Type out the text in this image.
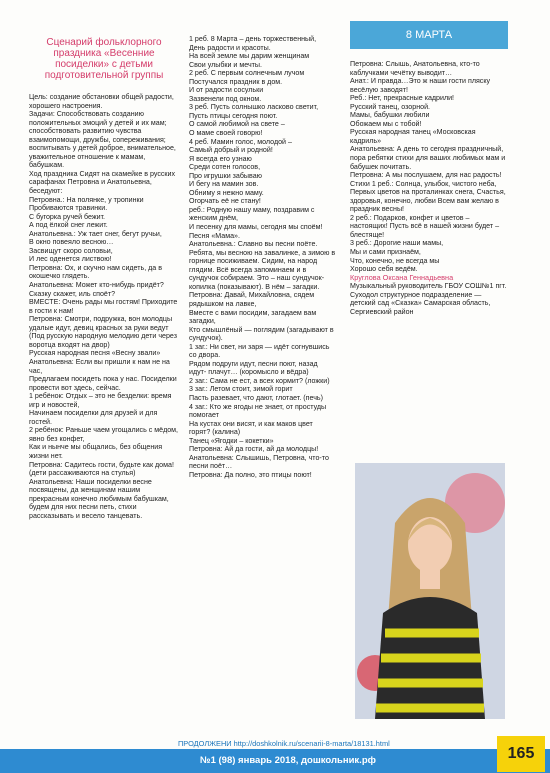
Сценарий фольклорного праздника «Весенние посиделки» с детьми подготовительной группы

Цель: создание обстановки общей радости, хорошего настроения.

Задачи: Способствовать созданию положительных эмоций у детей и их мам;

способствовать развитию чувства взаимопомощи, дружбы, сопереживания;

воспитывать у детей доброе, внимательное, уважительное отношение к мамам, бабушкам.

Ход праздника Сидят на скамейке в русских сарафанах Петровна и Анатольевна, беседуют:

Петровна.: На полянке, у тропинки

Пробиваются травинки.

С бугорка ручей бежит.

А под ёлкой снег лежит.

Анатольевна.: Уж тает снег, бегут ручьи,

В окно повеяло весною…

Засвищут скоро соловьи,

И лес оденется листвою!

Петровна: Ох, и скучно нам сидеть, да в окошечко глядеть.

Анатольевна: Может кто-нибудь придёт? Сказку скажет, иль споёт?

ВМЕСТЕ: Очень рады мы гостям! Приходите в гости к нам!

Петровна: Смотри, подружка, вон молодцы удалые идут, девиц красных за руки ведут (Под русскую народную мелодию дети через воротца входят на двор)

Русская народная песня «Весну звали»

Анатольевна: Если вы пришли к нам не на час,

Предлагаем посидеть пока у нас. Посиделки провести вот здесь, сейчас.

1 ребёнок: Отдых – это не безделки: время игр и новостей,

Начинаем посиделки для друзей и для гостей.

2 ребёнок: Раньше чаем угощались с мёдом, явно без конфет,

Как и нынче мы общались, без общения жизни нет.

Петровна: Садитесь гости, будьте как дома! (дети рассаживаются на стулья)

Анатольевна: Наши посиделки весне посвящены, да женщинам нашим прекрасным конечно любимым бабушкам, будем для них песни петь, стихи рассказывать и весело танцевать.

1 реб. 8 Марта – день торжественный,

День радости и красоты.

На всей земле мы дарим женщинам

Свои улыбки и мечты.

2 реб. С первым солнечным лучом

Постучался праздник в дом.

И от радости сосульки

Зазвенели под окном.

3 реб. Пусть солнышко ласково светит,

Пусть птицы сегодня поют.

О самой любимой на свете –

О маме своей говорю!

4 реб. Мамин голос, молодой –

Самый добрый и родной!

Я всегда его узнаю

Среди сотен голосов,

Про игрушки забываю

И бегу на мамин зов.

Обниму я нежно маму.

Огорчать её не стану!

реб.: Родную нашу маму, поздравим с женским днём,

И песенку для мамы, сегодня мы споём!

Песня «Мама».

Анатольевна.: Славно вы песни поёте. Ребята, мы весною на завалинке, а зимою в горнице посиживаем. Сидим, на народ глядим. Всё всегда запоминаем и в сундучок собираем. Это – наш сундучок-копилка (показывают). В нём – загадки.

Петровна: Давай, Михайловна, сядем рядышком на лавке,

Вместе с вами посидим, загадаем вам загадки,

Кто смышлёный — поглядим (загадывают в сундучок).

1 заг.: Ни свет, ни заря — идёт согнувшись со двора.

Рядом подруги идут, песни поют, назад идут- плачут… (коромысло и вёдра)

2 заг.: Сама не ест, а всех кормит? (ложки)

3 заг.: Летом стоит, зимой горит

Пасть разевает, что дают, глотает. (печь)

4 заг.: Кто же ягоды не знает, от простуды помогает

На кустах они висят, и как маков цвет горят? (калина)

Танец «Ягодки – кокетки»

Петровна: Ай да гости, ай да молодцы!

Анатольевна: Слышишь, Петровна, что-то песни поёт…

Петровна: Да полно, это птицы поют!

8 МАРТА

Петровна: Слышь, Анатольевна, кто-то каблучками чечётку выводит…

Анат.: И правда…Это ж наши гости пляску весёлую заводят!

Реб.: Нет, прекрасные кадрили!

Русский танец, озорной.

Мамы, бабушки любили

Обожаем мы с тобой!

Русская народная танец «Московская кадриль»

Анатольевна: А день то сегодня праздничный, пора ребятки стихи для ваших любимых мам и бабушек почитать.

Петровна: А мы послушаем, для нас радость!

Стихи 1 реб.: Солнца, улыбок, чистого неба, Первых цветов на проталинках снега, Счастья, здоровья, конечно, любви Всем вам желаю в праздник весны!

2 реб.: Подарков, конфет и цветов – настоящих! Пусть всё в нашей жизни будет – блестяще!

3 реб.: Дорогие наши мамы,

Мы и сами признаём,

Что, конечно, не всегда мы

Хорошо себя ведём.

Круглова Оксана Геннадьевна

Музыкальный руководитель ГБОУ СОШ№1 пгт. Суходол структурное подразделение — детский сад «Сказка» Самарская область, Сергиевский район

ПРОДОЛЖЕНИ http://doshkolnik.ru/scenarii-8-marta/18131.html
№1 (98) январь 2018, дошкольник.рф	165
